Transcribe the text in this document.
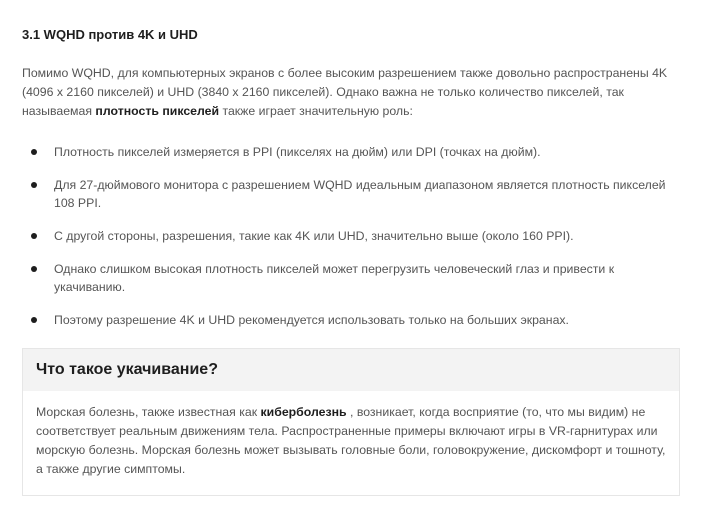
3.1 WQHD против 4K и UHD

Помимо WQHD, для компьютерных экранов с более высоким разрешением также довольно распространены 4K (4096 x 2160 пикселей) и UHD (3840 x 2160 пикселей). Однако важна не только количество пикселей, так называемая плотность пикселей также играет значительную роль:

Плотность пикселей измеряется в PPI (пикселях на дюйм) или DPI (точках на дюйм).
Для 27-дюймового монитора с разрешением WQHD идеальным диапазоном является плотность пикселей 108 PPI.
С другой стороны, разрешения, такие как 4K или UHD, значительно выше (около 160 PPI).
Однако слишком высокая плотность пикселей может перегрузить человеческий глаз и привести к укачиванию.
Поэтому разрешение 4K и UHD рекомендуется использовать только на больших экранах.
Что такое укачивание?

Морская болезнь, также известная как киберболезнь , возникает, когда восприятие (то, что мы видим) не соответствует реальным движениям тела. Распространенные примеры включают игры в VR-гарнитурах или морскую болезнь. Морская болезнь может вызывать головные боли, головокружение, дискомфорт и тошноту, а также другие симптомы.
